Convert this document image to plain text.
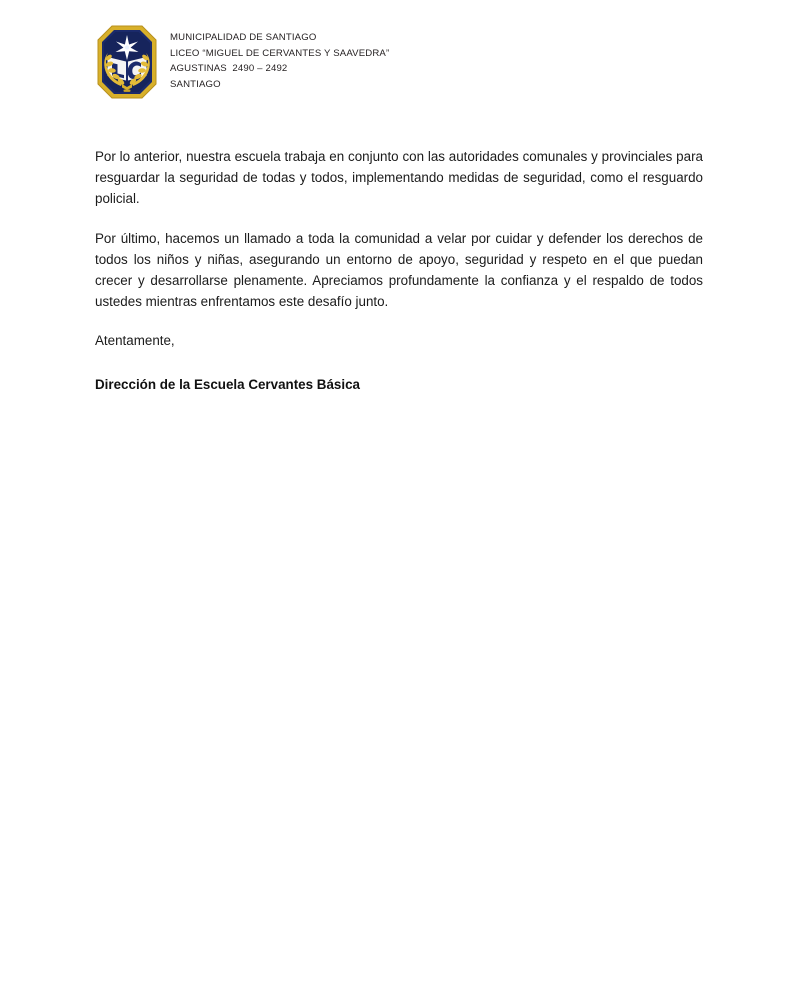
MUNICIPALIDAD DE SANTIAGO
LICEO “MIGUEL DE CERVANTES Y SAAVEDRA”
AGUSTINAS  2490 – 2492
SANTIAGO

Por lo anterior, nuestra escuela trabaja en conjunto con las autoridades comunales y provinciales para resguardar la seguridad de todas y todos, implementando medidas de seguridad, como el resguardo policial.

Por último, hacemos un llamado a toda la comunidad a velar por cuidar y defender los derechos de todos los niños y niñas, asegurando un entorno de apoyo, seguridad y respeto en el que puedan crecer y desarrollarse plenamente. Apreciamos profundamente la confianza y el respaldo de todos ustedes mientras enfrentamos este desafío junto.

Atentamente,

Dirección de la Escuela Cervantes Básica
